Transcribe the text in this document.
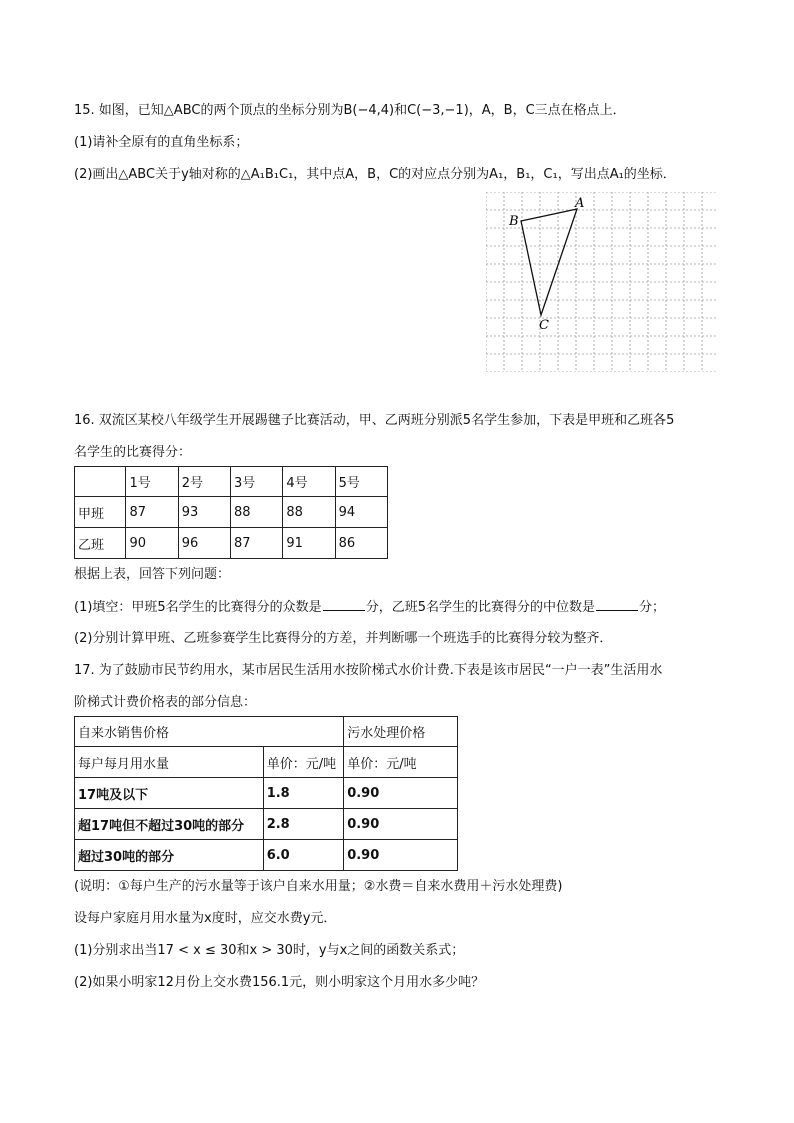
15. 如图，已知△ABC的两个顶点的坐标分别为B(−4,4)和C(−3,−1)，A，B，C三点在格点上．
(1)请补全原有的直角坐标系；
(2)画出△ABC关于y轴对称的△A₁B₁C₁，其中点A，B，C的对应点分别为A₁，B₁，C₁，写出点A₁的坐标．
A
B
C
16. 双流区某校八年级学生开展踢毽子比赛活动，甲、乙两班分别派5名学生参加，下表是甲班和乙班各5
名学生的比赛得分：
	1号	2号	3号	4号	5号
甲班	87	93	88	88	94
乙班	90	96	87	91	86
根据上表，回答下列问题：
(1)填空：甲班5名学生的比赛得分的众数是	分，乙班5名学生的比赛得分的中位数是	分；
(2)分别计算甲班、乙班参赛学生比赛得分的方差，并判断哪一个班选手的比赛得分较为整齐．
17. 为了鼓励市民节约用水，某市居民生活用水按阶梯式水价计费.下表是该市居民“一户一表”生活用水
阶梯式计费价格表的部分信息：
自来水销售价格		污水处理价格
每户每月用水量	单价：元/吨	单价：元/吨
17吨及以下	1.8	0.90
超17吨但不超过30吨的部分	2.8	0.90
超过30吨的部分	6.0	0.90
(说明：①每户生产的污水量等于该户自来水用量；②水费＝自来水费用＋污水处理费)
设每户家庭月用水量为x度时，应交水费y元．
(1)分别求出当17 < x ≤ 30和x > 30时，y与x之间的函数关系式；
(2)如果小明家12月份上交水费156.1元，则小明家这个月用水多少吨？
